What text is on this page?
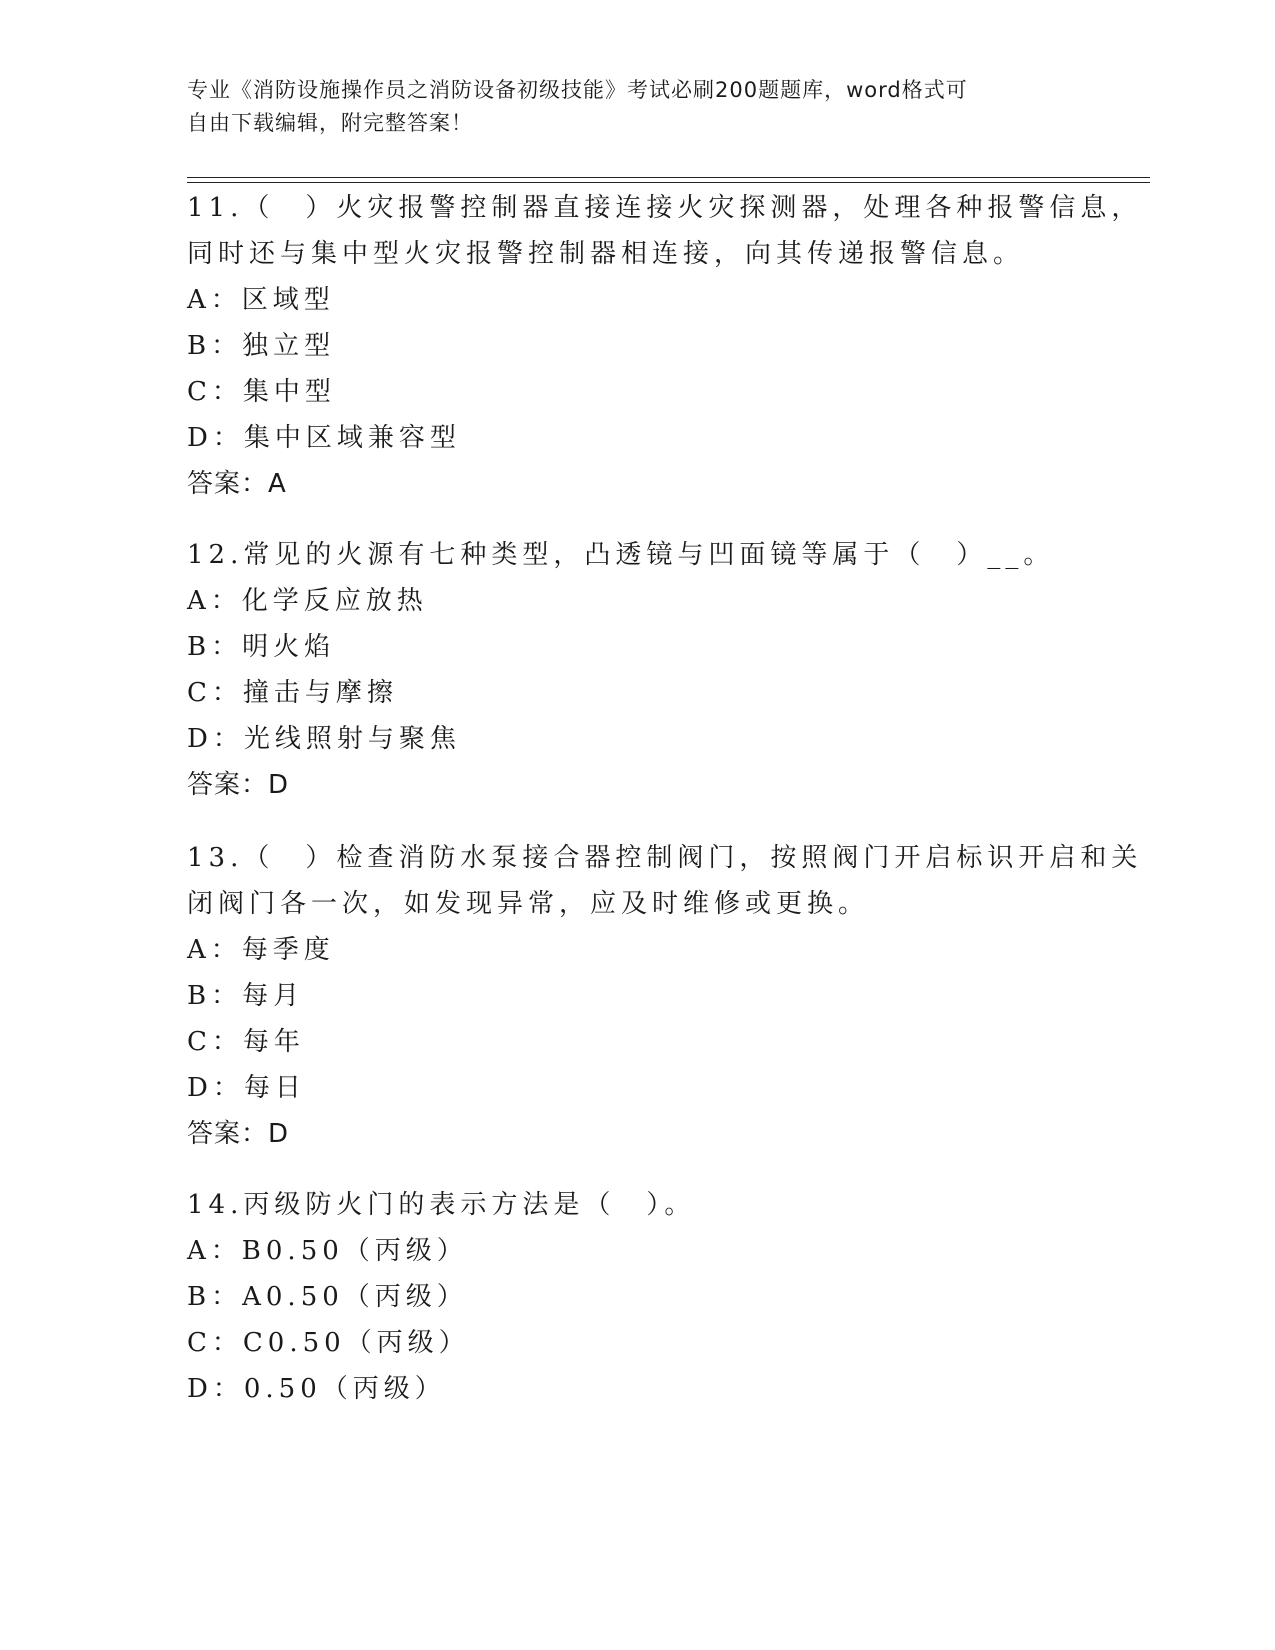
专业《消防设施操作员之消防设备初级技能》考试必刷200题题库，word格式可
自由下载编辑，附完整答案！
11.（　）火灾报警控制器直接连接火灾探测器，处理各种报警信息，
同时还与集中型火灾报警控制器相连接，向其传递报警信息。
A：区域型
B：独立型
C：集中型
D：集中区域兼容型
答案：A
12.常见的火源有七种类型，凸透镜与凹面镜等属于（　）__。
A：化学反应放热
B：明火焰
C：撞击与摩擦
D：光线照射与聚焦
答案：D
13.（　）检查消防水泵接合器控制阀门，按照阀门开启标识开启和关
闭阀门各一次，如发现异常，应及时维修或更换。
A：每季度
B：每月
C：每年
D：每日
答案：D
14.丙级防火门的表示方法是（　）。
A：B0.50（丙级）
B：A0.50（丙级）
C：C0.50（丙级）
D：0.50（丙级）
